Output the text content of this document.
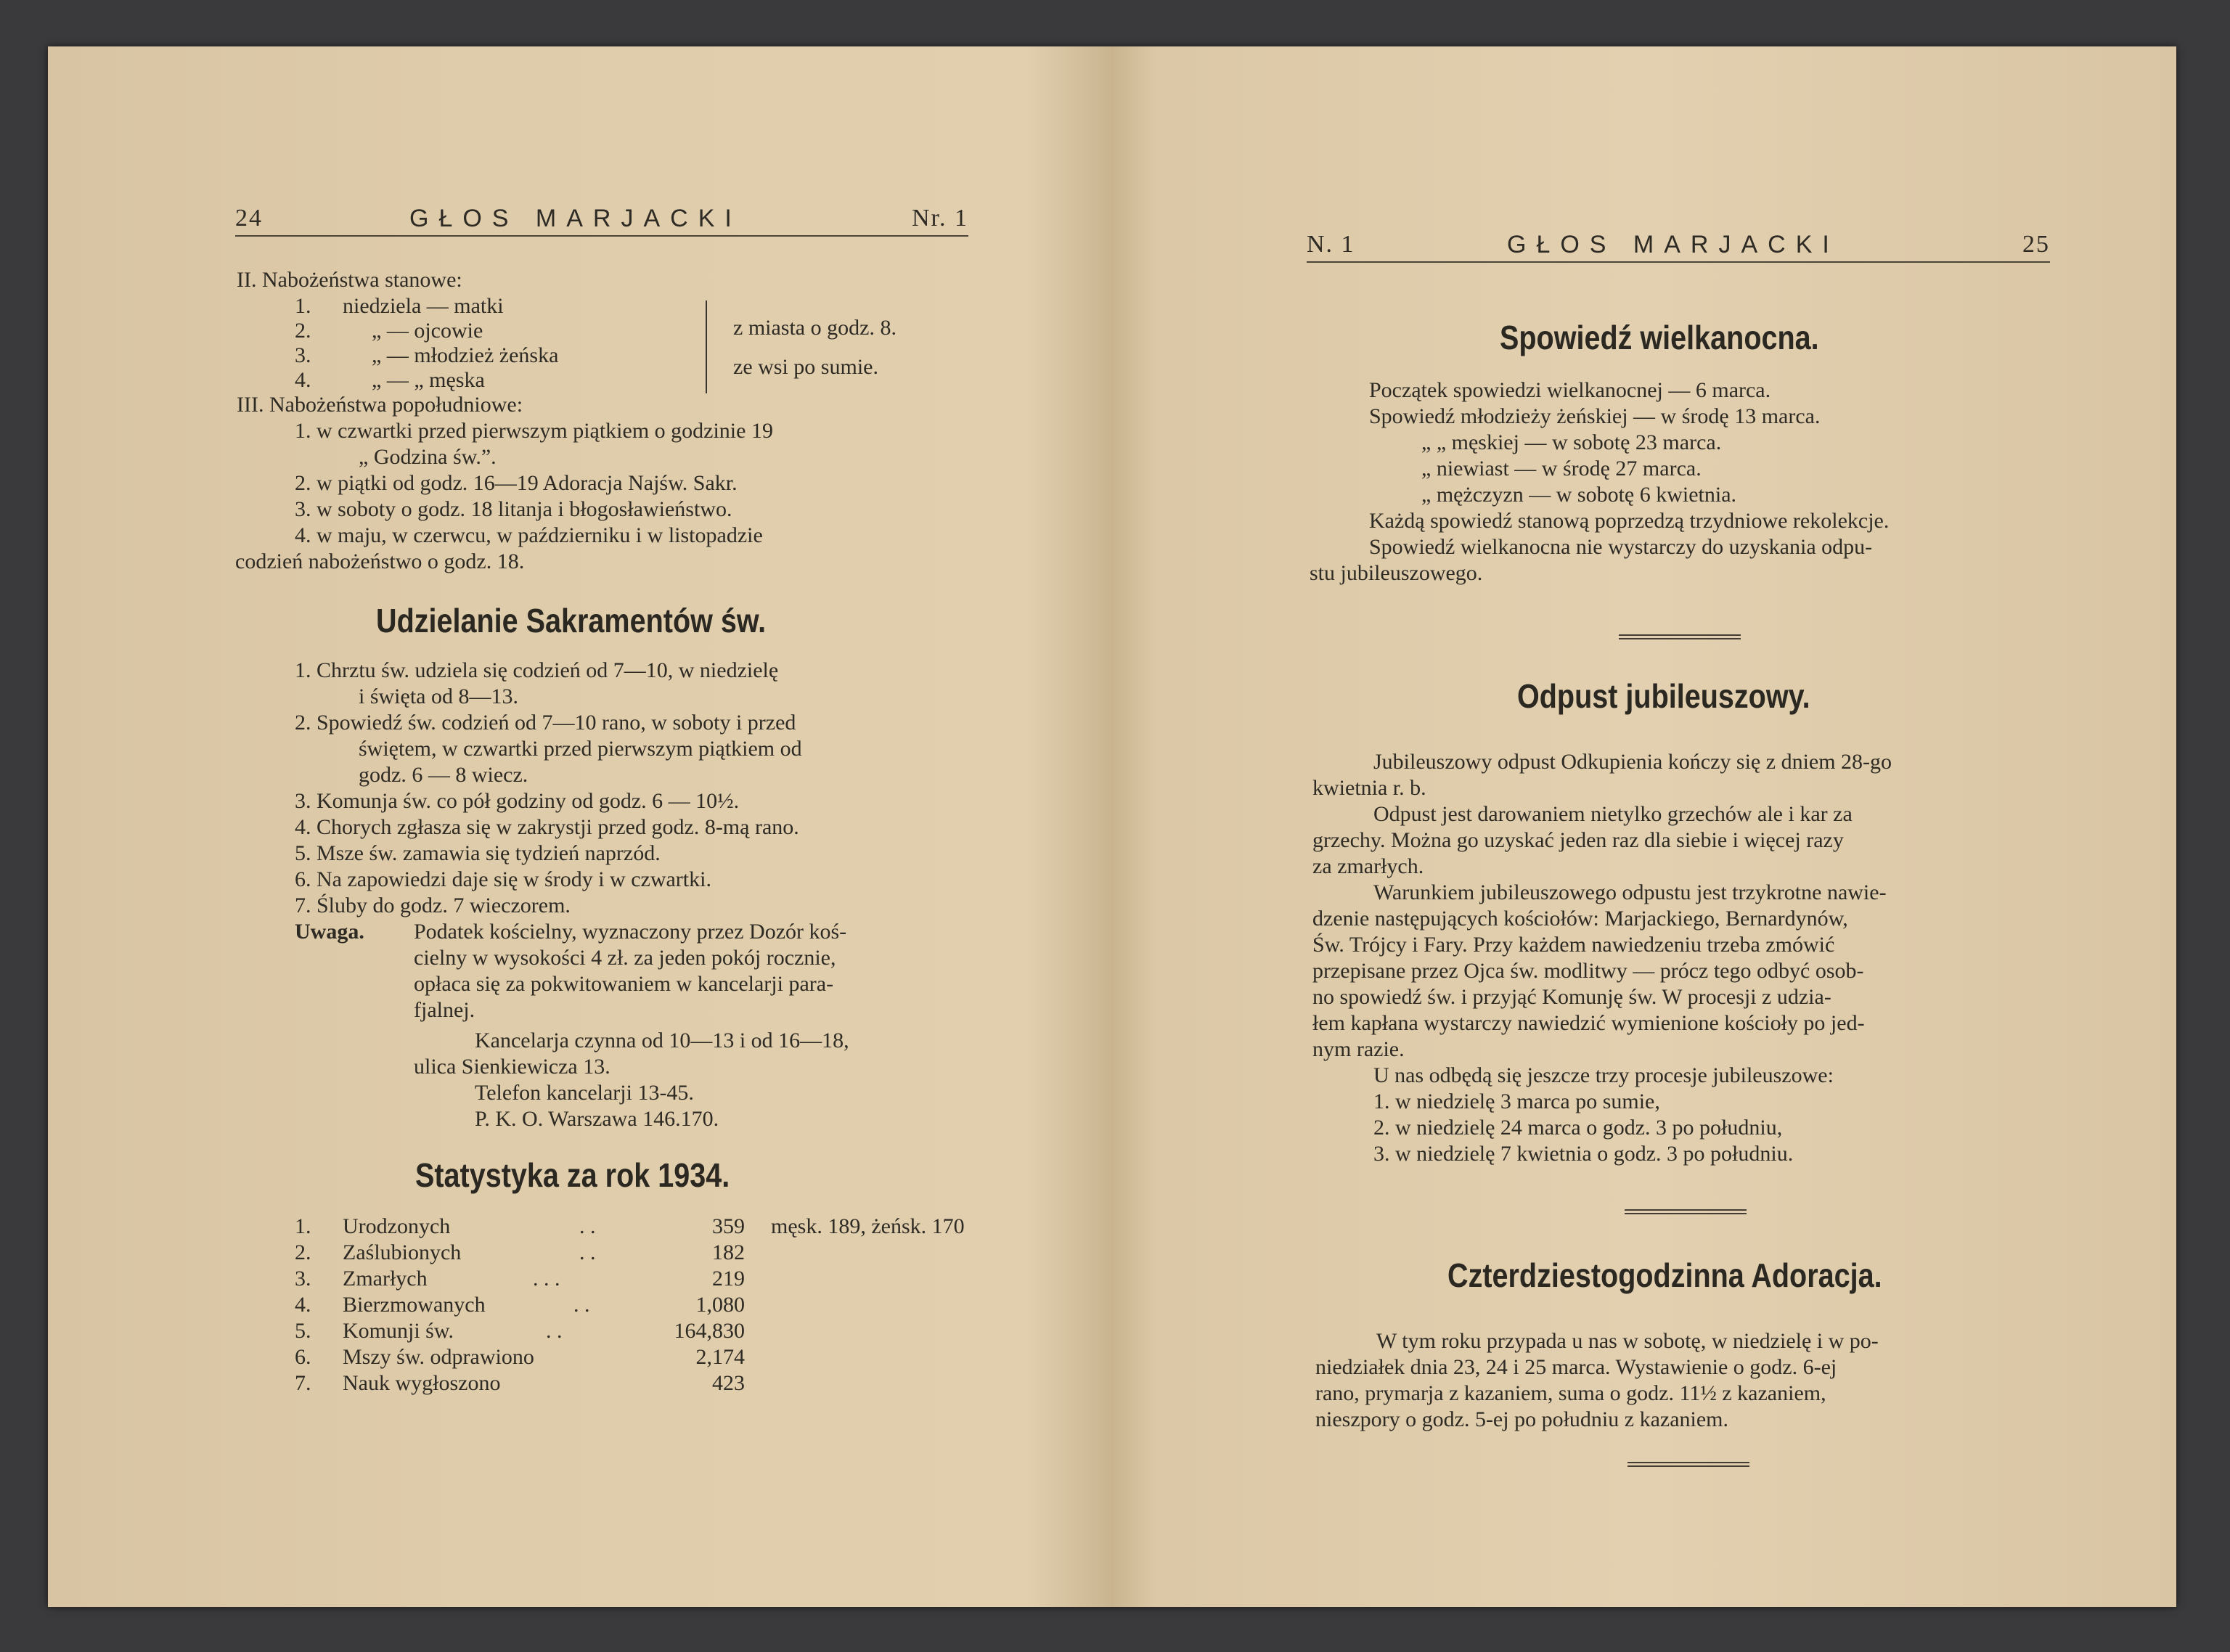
24	GŁOS MARJACKI	Nr. 1
II. Nabożeństwa stanowe:
1. niedziela — matki
2.	„ — ojcowie
3.	„ — młodzież żeńska
4.	„ — „ męska
z miasta o godz. 8.
ze wsi po sumie.
III. Nabożeństwa popołudniowe:
1. w czwartki przed pierwszym piątkiem o godzinie 19
„ Godzina św.”.
2. w piątki od godz. 16—19 Adoracja Najśw. Sakr.
3. w soboty o godz. 18 litanja i błogosławieństwo.
4. w maju, w czerwcu, w październiku i w listopadzie
codzień nabożeństwo o godz. 18.
Udzielanie Sakramentów św.
1. Chrztu św. udziela się codzień od 7—10, w niedzielę
i święta od 8—13.
2. Spowiedź św. codzień od 7—10 rano, w soboty i przed
świętem, w czwartki przed pierwszym piątkiem od
godz. 6 — 8 wiecz.
3. Komunja św. co pół godziny od godz. 6 — 10½.
4. Chorych zgłasza się w zakrystji przed godz. 8-mą rano.
5. Msze św. zamawia się tydzień naprzód.
6. Na zapowiedzi daje się w środy i w czwartki.
7. Śluby do godz. 7 wieczorem.
Uwaga. Podatek kościelny, wyznaczony przez Dozór koś-
cielny w wysokości 4 zł. za jeden pokój rocznie,
opłaca się za pokwitowaniem w kancelarji para-
fjalnej.
Kancelarja czynna od 10—13 i od 16—18,
ulica Sienkiewicza 13.
Telefon kancelarji 13-45.
P. K. O. Warszawa 146.170.
Statystyka za rok 1934.
1. Urodzonych	. .	359 męsk. 189, żeńsk. 170
2. Zaślubionych	. .	182
3. Zmarłych	. . .	219
4. Bierzmowanych	. .	1,080
5. Komunji św.	. .	164,830
6. Mszy św. odprawiono	2,174
7. Nauk wygłoszono	423
N. 1	GŁOS MARJACKI	25
Spowiedź wielkanocna.
Początek spowiedzi wielkanocnej — 6 marca.
Spowiedź młodzieży żeńskiej — w środę 13 marca.
„ „ męskiej — w sobotę 23 marca.
„ niewiast — w środę 27 marca.
„ mężczyzn — w sobotę 6 kwietnia.
Każdą spowiedź stanową poprzedzą trzydniowe rekolekcje.
Spowiedź wielkanocna nie wystarczy do uzyskania odpu-
stu jubileuszowego.
Odpust jubileuszowy.
Jubileuszowy odpust Odkupienia kończy się z dniem 28-go
kwietnia r. b.
Odpust jest darowaniem nietylko grzechów ale i kar za
grzechy. Można go uzyskać jeden raz dla siebie i więcej razy
za zmarłych.
Warunkiem jubileuszowego odpustu jest trzykrotne nawie-
dzenie następujących kościołów: Marjackiego, Bernardynów,
Św. Trójcy i Fary. Przy każdem nawiedzeniu trzeba zmówić
przepisane przez Ojca św. modlitwy — prócz tego odbyć osob-
no spowiedź św. i przyjąć Komunję św. W procesji z udzia-
łem kapłana wystarczy nawiedzić wymienione kościoły po jed-
nym razie.
U nas odbędą się jeszcze trzy procesje jubileuszowe:
1. w niedzielę 3 marca po sumie,
2. w niedzielę 24 marca o godz. 3 po południu,
3. w niedzielę 7 kwietnia o godz. 3 po południu.
Czterdziestogodzinna Adoracja.
W tym roku przypada u nas w sobotę, w niedzielę i w po-
niedziałek dnia 23, 24 i 25 marca. Wystawienie o godz. 6-ej
rano, prymarja z kazaniem, suma o godz. 11½ z kazaniem,
nieszpory o godz. 5-ej po południu z kazaniem.
